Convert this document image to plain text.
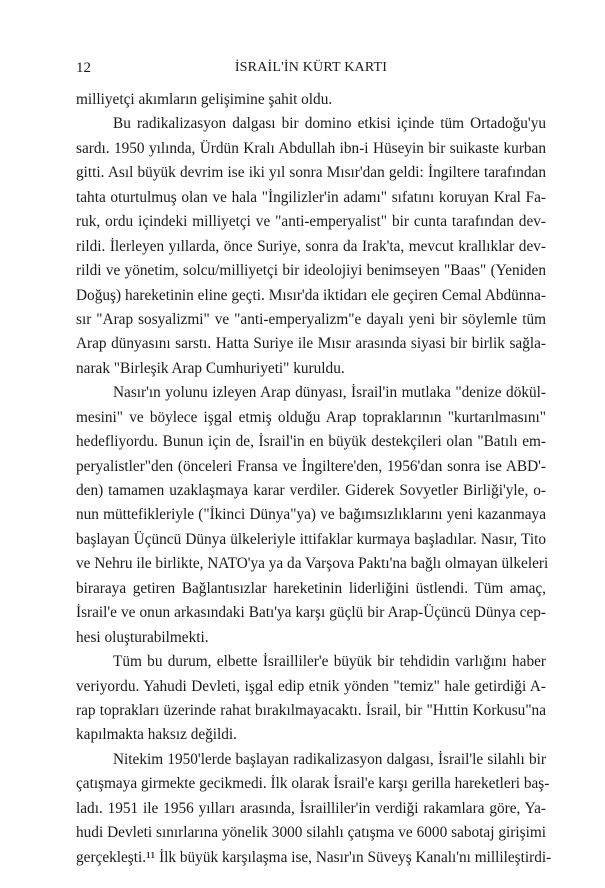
12	İSRAİL'İN KÜRT KARTI
milliyetçi akımların gelişimine şahit oldu.
Bu radikalizasyon dalgası bir domino etkisi içinde tüm Ortadoğu'yu
sardı. 1950 yılında, Ürdün Kralı Abdullah ibn-i Hüseyin bir suikaste kurban
gitti. Asıl büyük devrim ise iki yıl sonra Mısır'dan geldi: İngiltere tarafından
tahta oturtulmuş olan ve hala "İngilizler'in adamı" sıfatını koruyan Kral Fa-
ruk, ordu içindeki milliyetçi ve "anti-emperyalist" bir cunta tarafından dev-
rildi. İlerleyen yıllarda, önce Suriye, sonra da Irak'ta, mevcut krallıklar dev-
rildi ve yönetim, solcu/milliyetçi bir ideolojiyi benimseyen "Baas" (Yeniden
Doğuş) hareketinin eline geçti. Mısır'da iktidarı ele geçiren Cemal Abdünna-
sır "Arap sosyalizmi" ve "anti-emperyalizm"e dayalı yeni bir söylemle tüm
Arap dünyasını sarstı. Hatta Suriye ile Mısır arasında siyasi bir birlik sağla-
narak "Birleşik Arap Cumhuriyeti" kuruldu.
Nasır'ın yolunu izleyen Arap dünyası, İsrail'in mutlaka "denize dökül-
mesini" ve böylece işgal etmiş olduğu Arap topraklarının "kurtarılmasını"
hedefliyordu. Bunun için de, İsrail'in en büyük destekçileri olan "Batılı em-
peryalistler"den (önceleri Fransa ve İngiltere'den, 1956'dan sonra ise ABD'-
den) tamamen uzaklaşmaya karar verdiler. Giderek Sovyetler Birliği'yle, o-
nun müttefikleriyle ("İkinci Dünya"ya) ve bağımsızlıklarını yeni kazanmaya
başlayan Üçüncü Dünya ülkeleriyle ittifaklar kurmaya başladılar. Nasır, Tito
ve Nehru ile birlikte, NATO'ya ya da Varşova Paktı'na bağlı olmayan ülkeleri
biraraya getiren Bağlantısızlar hareketinin liderliğini üstlendi. Tüm amaç,
İsrail'e ve onun arkasındaki Batı'ya karşı güçlü bir Arap-Üçüncü Dünya cep-
hesi oluşturabilmekti.
Tüm bu durum, elbette İsrailliler'e büyük bir tehdidin varlığını haber
veriyordu. Yahudi Devleti, işgal edip etnik yönden "temiz" hale getirdiği A-
rap toprakları üzerinde rahat bırakılmayacaktı. İsrail, bir "Hıttin Korkusu"na
kapılmakta haksız değildi.
Nitekim 1950'lerde başlayan radikalizasyon dalgası, İsrail'le silahlı bir
çatışmaya girmekte gecikmedi. İlk olarak İsrail'e karşı gerilla hareketleri baş-
ladı. 1951 ile 1956 yılları arasında, İsrailliler'in verdiği rakamlara göre, Ya-
hudi Devleti sınırlarına yönelik 3000 silahlı çatışma ve 6000 sabotaj girişimi
gerçekleşti.¹¹ İlk büyük karşılaşma ise, Nasır'ın Süveyş Kanalı'nı millileştirdi-
